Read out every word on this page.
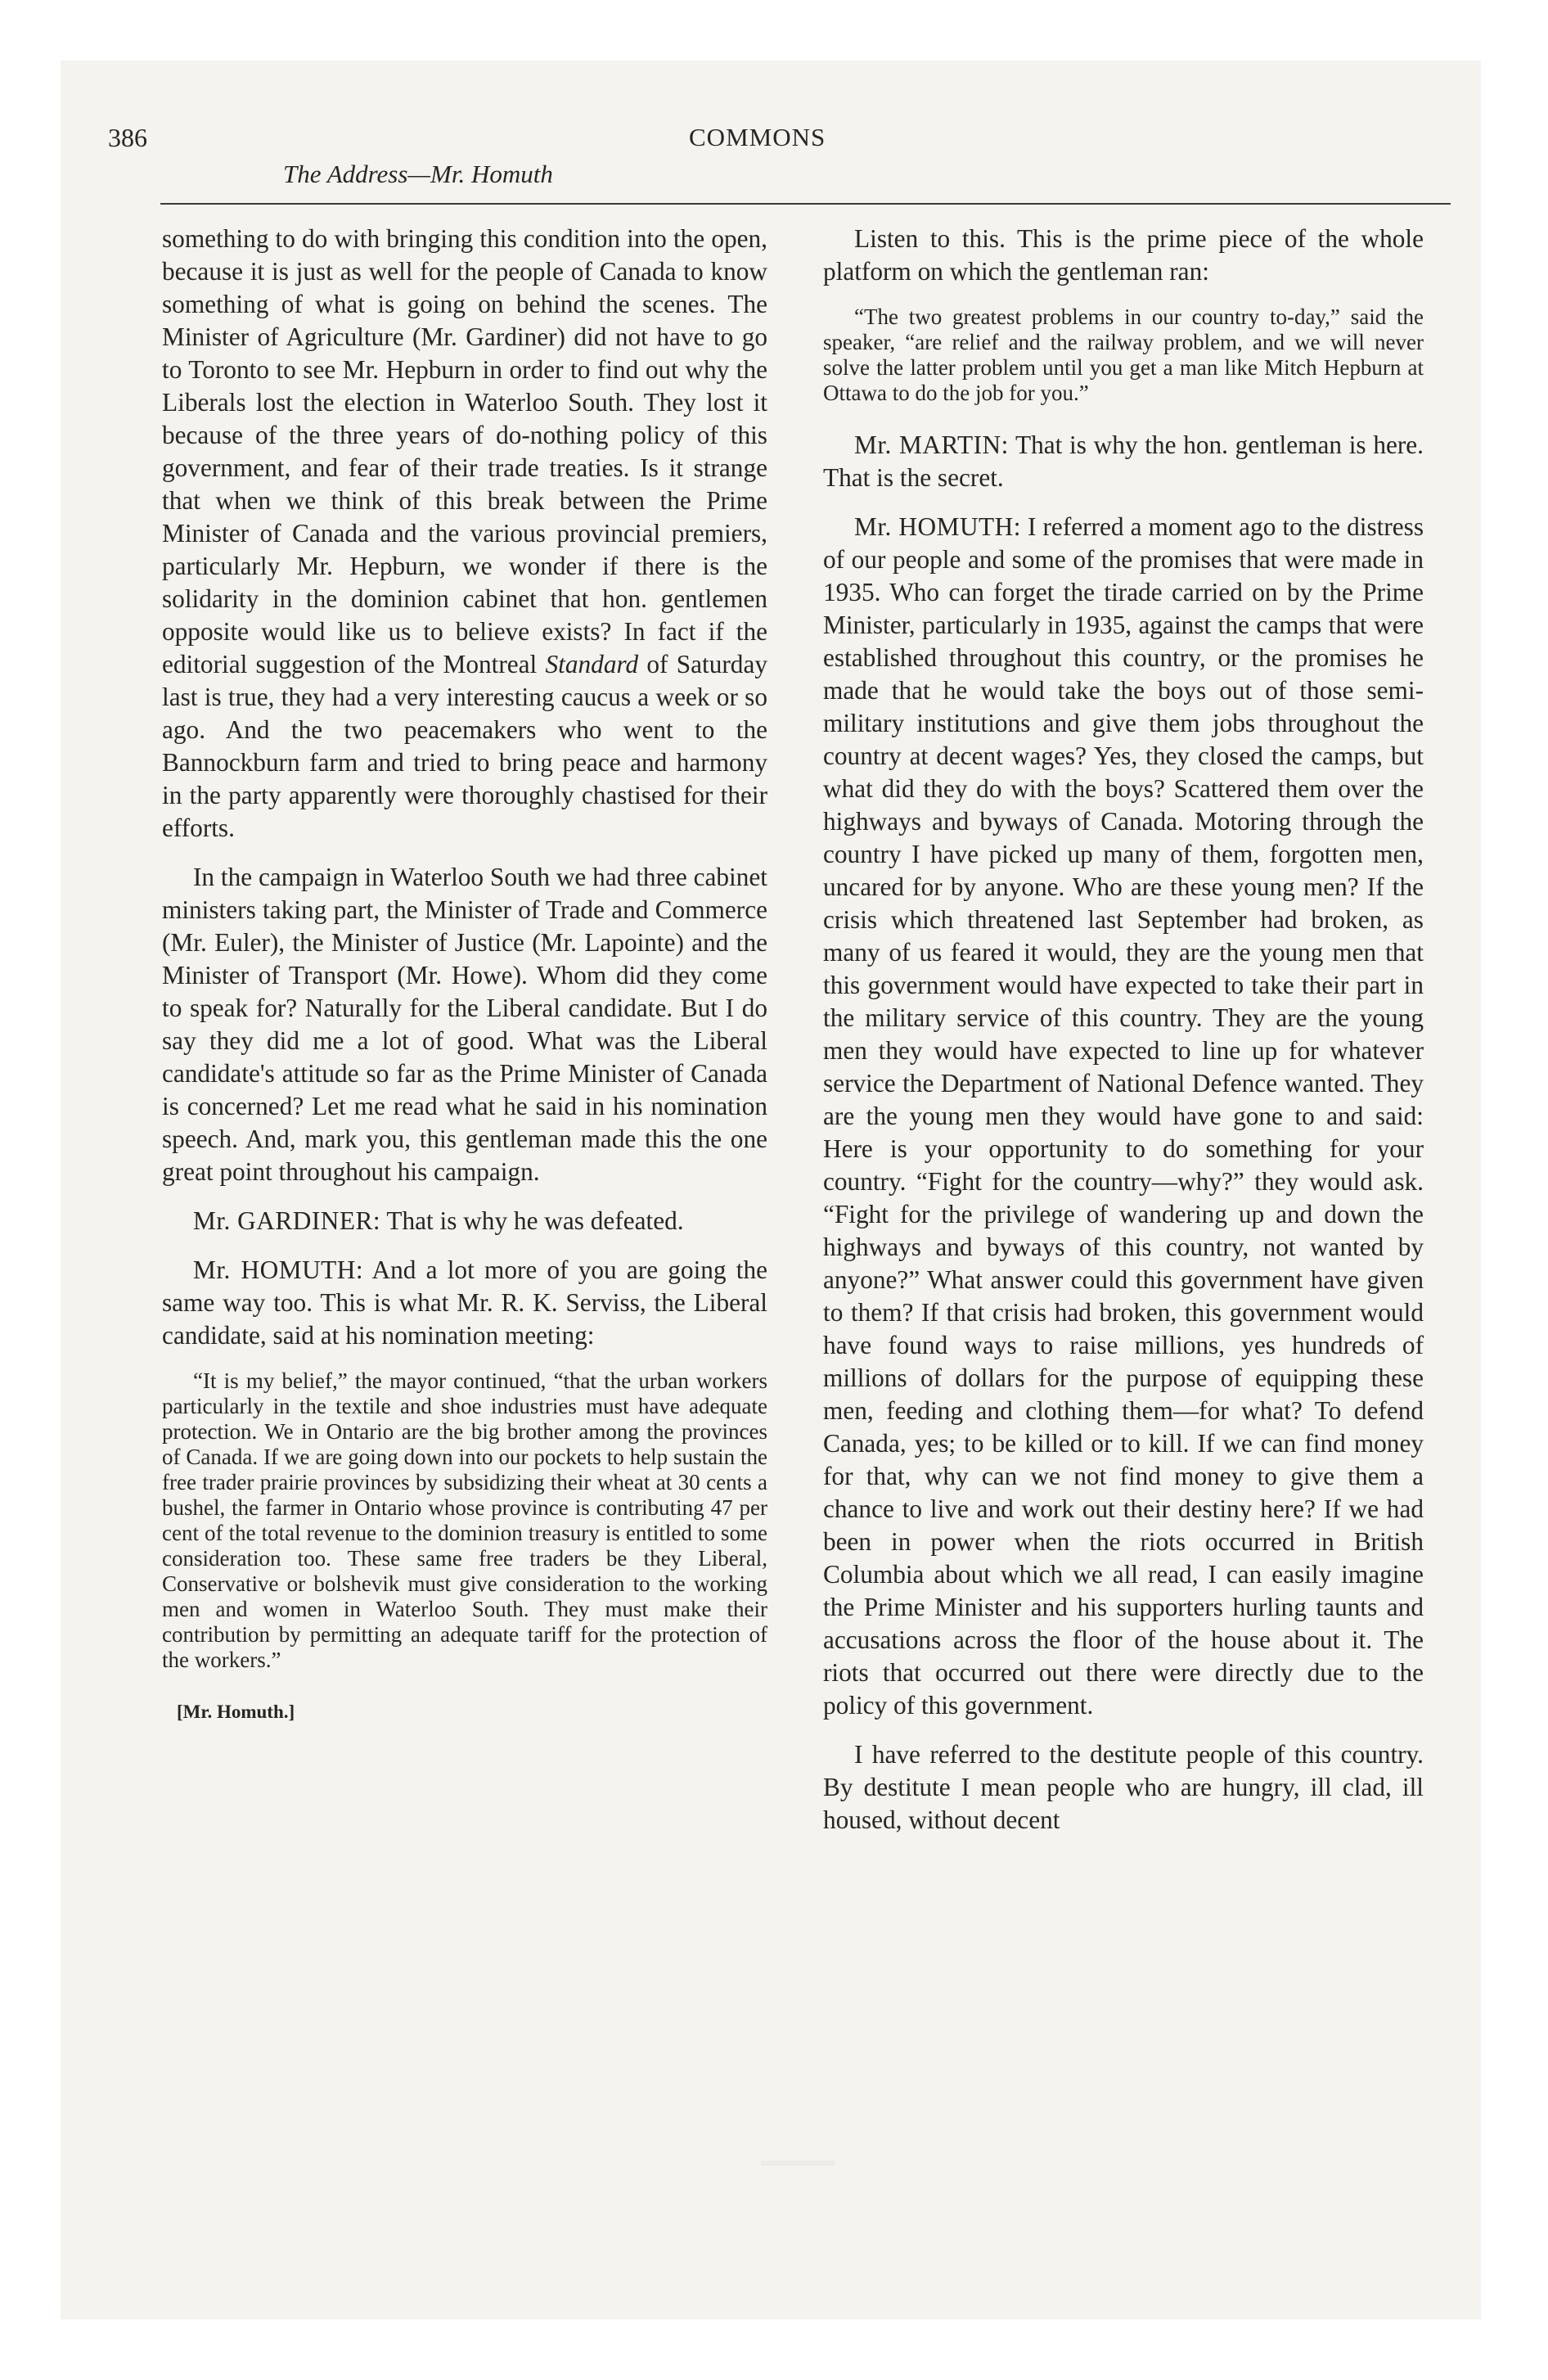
386	COMMONS
The Address—Mr. Homuth

something to do with bringing this condition into the open, because it is just as well for the people of Canada to know something of what is going on behind the scenes. The Minister of Agriculture (Mr. Gardiner) did not have to go to Toronto to see Mr. Hepburn in order to find out why the Liberals lost the election in Waterloo South. They lost it because of the three years of do-nothing policy of this government, and fear of their trade treaties. Is it strange that when we think of this break between the Prime Minister of Canada and the various provincial premiers, particularly Mr. Hepburn, we wonder if there is the solidarity in the dominion cabinet that hon. gentlemen opposite would like us to believe exists? In fact if the editorial suggestion of the Montreal Standard of Saturday last is true, they had a very interesting caucus a week or so ago. And the two peacemakers who went to the Bannockburn farm and tried to bring peace and harmony in the party apparently were thoroughly chastised for their efforts.

In the campaign in Waterloo South we had three cabinet ministers taking part, the Minister of Trade and Commerce (Mr. Euler), the Minister of Justice (Mr. Lapointe) and the Minister of Transport (Mr. Howe). Whom did they come to speak for? Naturally for the Liberal candidate. But I do say they did me a lot of good. What was the Liberal candidate's attitude so far as the Prime Minister of Canada is concerned? Let me read what he said in his nomination speech. And, mark you, this gentleman made this the one great point throughout his campaign.

Mr. GARDINER: That is why he was defeated.

Mr. HOMUTH: And a lot more of you are going the same way too. This is what Mr. R. K. Serviss, the Liberal candidate, said at his nomination meeting:

“It is my belief,” the mayor continued, “that the urban workers particularly in the textile and shoe industries must have adequate protection. We in Ontario are the big brother among the provinces of Canada. If we are going down into our pockets to help sustain the free trader prairie provinces by subsidizing their wheat at 30 cents a bushel, the farmer in Ontario whose province is contributing 47 per cent of the total revenue to the dominion treasury is entitled to some consideration too. These same free traders be they Liberal, Conservative or bolshevik must give consideration to the working men and women in Waterloo South. They must make their contribution by permitting an adequate tariff for the protection of the workers.”

[Mr. Homuth.]

Listen to this. This is the prime piece of the whole platform on which the gentleman ran:

“The two greatest problems in our country to-day,” said the speaker, “are relief and the railway problem, and we will never solve the latter problem until you get a man like Mitch Hepburn at Ottawa to do the job for you.”

Mr. MARTIN: That is why the hon. gentleman is here. That is the secret.

Mr. HOMUTH: I referred a moment ago to the distress of our people and some of the promises that were made in 1935. Who can forget the tirade carried on by the Prime Minister, particularly in 1935, against the camps that were established throughout this country, or the promises he made that he would take the boys out of those semi-military institutions and give them jobs throughout the country at decent wages? Yes, they closed the camps, but what did they do with the boys? Scattered them over the highways and byways of Canada. Motoring through the country I have picked up many of them, forgotten men, uncared for by anyone. Who are these young men? If the crisis which threatened last September had broken, as many of us feared it would, they are the young men that this government would have expected to take their part in the military service of this country. They are the young men they would have expected to line up for whatever service the Department of National Defence wanted. They are the young men they would have gone to and said: Here is your opportunity to do something for your country. “Fight for the country—why?” they would ask. “Fight for the privilege of wandering up and down the highways and byways of this country, not wanted by anyone?” What answer could this government have given to them? If that crisis had broken, this government would have found ways to raise millions, yes hundreds of millions of dollars for the purpose of equipping these men, feeding and clothing them—for what? To defend Canada, yes; to be killed or to kill. If we can find money for that, why can we not find money to give them a chance to live and work out their destiny here? If we had been in power when the riots occurred in British Columbia about which we all read, I can easily imagine the Prime Minister and his supporters hurling taunts and accusations across the floor of the house about it. The riots that occurred out there were directly due to the policy of this government.

I have referred to the destitute people of this country. By destitute I mean people who are hungry, ill clad, ill housed, without decent
